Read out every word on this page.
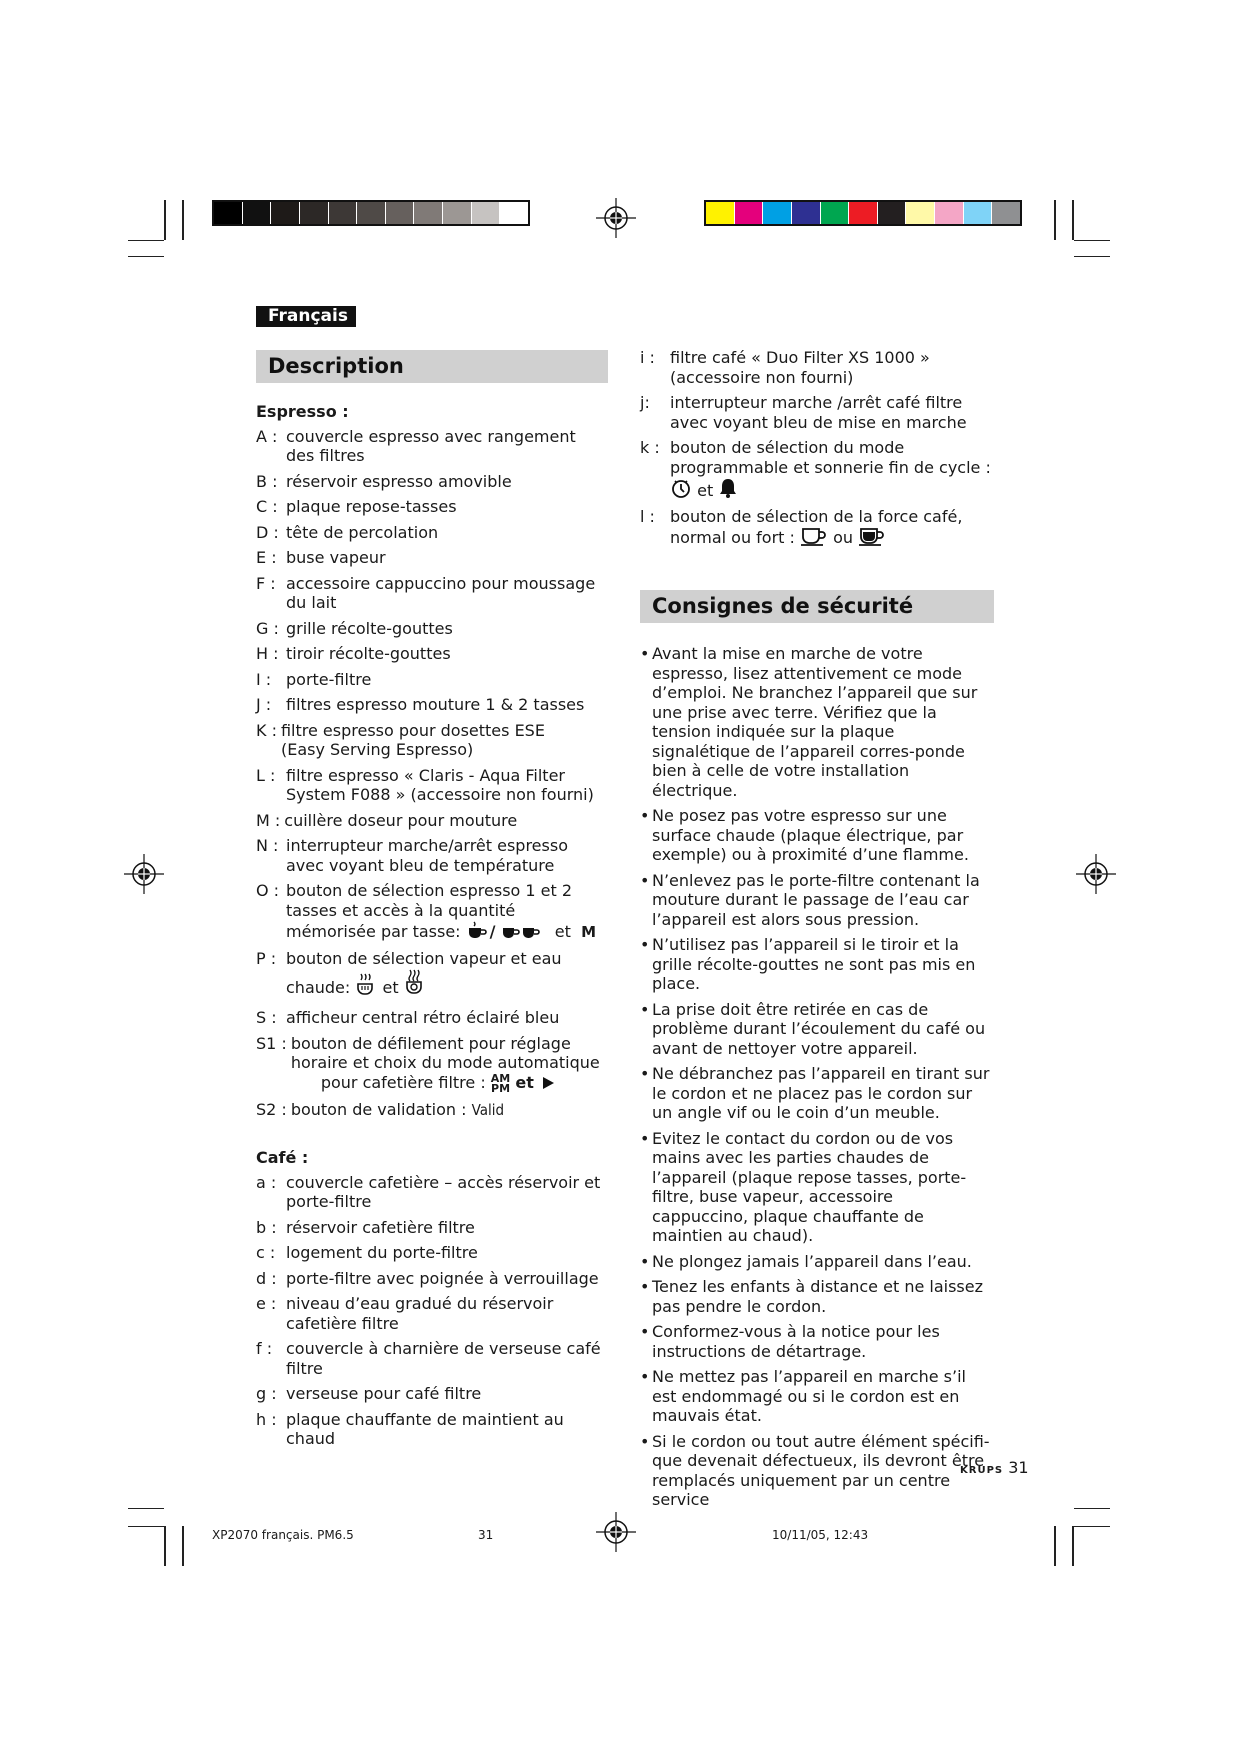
Français
Description
Espresso :
A : couvercle espresso avec rangement des filtres
B : réservoir espresso amovible
C : plaque repose-tasses
D : tête de percolation
E : buse vapeur
F : accessoire cappuccino pour moussage du lait
G : grille récolte-gouttes
H : tiroir récolte-gouttes
I : porte-filtre
J : filtres espresso mouture 1 & 2 tasses
K : filtre espresso pour dosettes ESE
(Easy Serving Espresso)
L : filtre espresso « Claris - Aqua Filter System F088 » (accessoire non fourni)
M : cuillère doseur pour mouture
N : interrupteur marche/arrêt espresso avec voyant bleu de température
O : bouton de sélection espresso 1 et 2 tasses et accès à la quantité mémorisée par tasse: /	et M
P : bouton de sélection vapeur et eau
chaude: et
S : afficheur central rétro éclairé bleu
S1 : bouton de défilement pour réglage horaire et choix du mode automatique
pour cafetière filtre : AM
PM et
S2 : bouton de validation : Valid
Café :
a : couvercle cafetière – accès réservoir et porte-filtre
b : réservoir cafetière filtre
c : logement du porte-filtre
d : porte-filtre avec poignée à verrouillage
e : niveau d’eau gradué du réservoir cafetière filtre
f : couvercle à charnière de verseuse café filtre
g : verseuse pour café filtre
h : plaque chauffante de maintient au chaud
i : filtre café « Duo Filter XS 1000 » (accessoire non fourni)
j:	interrupteur marche /arrêt café filtre avec voyant bleu de mise en marche
k : bouton de sélection du mode programmable et sonnerie fin de cycle :
et
l : bouton de sélection de la force café,
normal ou fort : ou
Consignes de sécurité
• Avant la mise en marche de votre espresso, lisez attentivement ce mode d’emploi. Ne branchez l’appareil que sur une prise avec terre. Vérifiez que la tension indiquée sur la plaque signalétique de l’appareil corres-ponde bien à celle de votre installation électrique.
• Ne posez pas votre espresso sur une surface chaude (plaque électrique, par exemple) ou à proximité d’une flamme.
• N’enlevez pas le porte-filtre contenant la mouture durant le passage de l’eau car l’appareil est alors sous pression.
• N’utilisez pas l’appareil si le tiroir et la grille récolte-gouttes ne sont pas mis en place.
• La prise doit être retirée en cas de problème durant l’écoulement du café ou avant de nettoyer votre appareil.
• Ne débranchez pas l’appareil en tirant sur le cordon et ne placez pas le cordon sur un angle vif ou le coin d’un meuble.
• Evitez le contact du cordon ou de vos mains avec les parties chaudes de l’appareil (plaque repose tasses, porte-filtre, buse vapeur, accessoire cappuccino, plaque chauffante de maintien au chaud).
• Ne plongez jamais l’appareil dans l’eau.
• Tenez les enfants à distance et ne laissez pas pendre le cordon.
• Conformez-vous à la notice pour les instructions de détartrage.
• Ne mettez pas l’appareil en marche s’il est endommagé ou si le cordon est en mauvais état.
• Si le cordon ou tout autre élément spécifi-que devenait défectueux, ils devront être remplacés uniquement par un centre service
KRUPS 31
XP2070 français. PM6.5	31	10/11/05, 12:43
